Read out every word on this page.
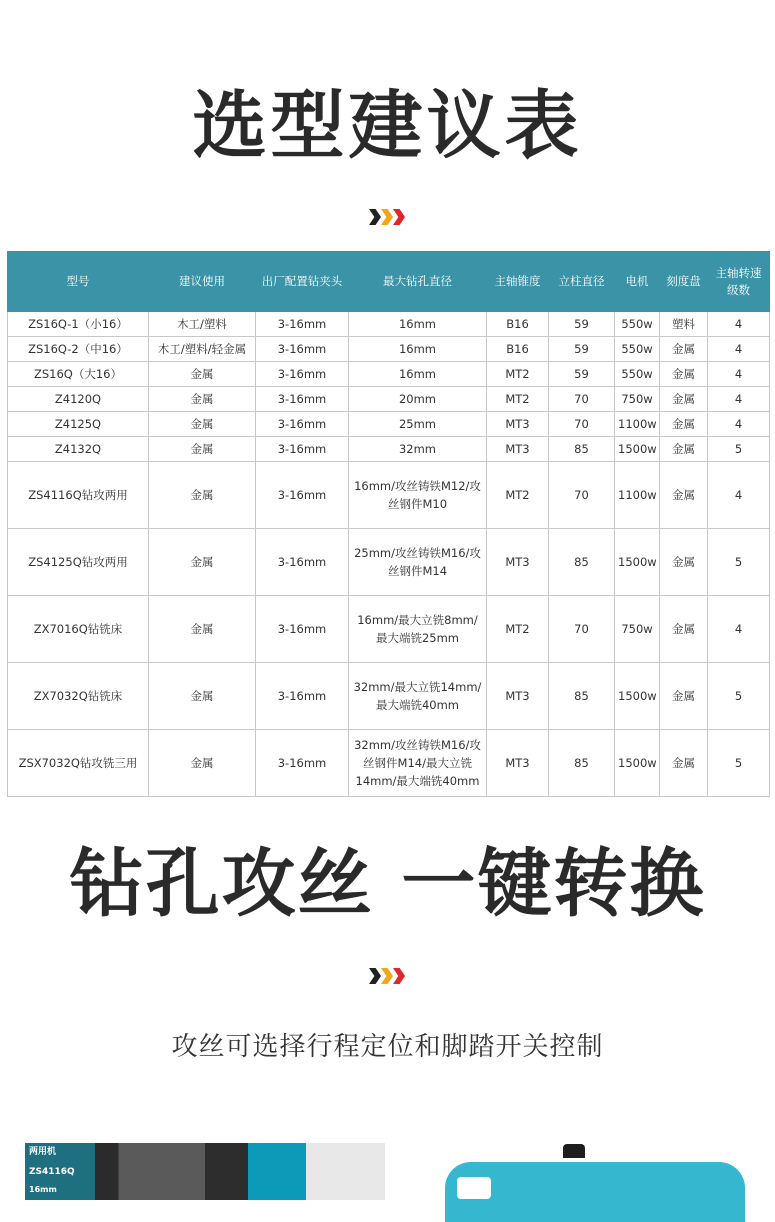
选型建议表
型号	建议使用	出厂配置钻夹头	最大钻孔直径	主轴锥度	立柱直径	电机	刻度盘	主轴转速级数
ZS16Q-1（小16）	木工/塑料	3-16mm	16mm	B16	59	550w	塑料	4
ZS16Q-2（中16）	木工/塑料/轻金属	3-16mm	16mm	B16	59	550w	金属	4
ZS16Q（大16）	金属	3-16mm	16mm	MT2	59	550w	金属	4
Z4120Q	金属	3-16mm	20mm	MT2	70	750w	金属	4
Z4125Q	金属	3-16mm	25mm	MT3	70	1100w	金属	4
Z4132Q	金属	3-16mm	32mm	MT3	85	1500w	金属	5
ZS4116Q钻攻两用	金属	3-16mm	16mm/攻丝铸铁M12/攻丝钢件M10	MT2	70	1100w	金属	4
ZS4125Q钻攻两用	金属	3-16mm	25mm/攻丝铸铁M16/攻丝钢件M14	MT3	85	1500w	金属	5
ZX7016Q钻铣床	金属	3-16mm	16mm/最大立铣8mm/最大端铣25mm	MT2	70	750w	金属	4
ZX7032Q钻铣床	金属	3-16mm	32mm/最大立铣14mm/最大端铣40mm	MT3	85	1500w	金属	5
ZSX7032Q钻攻铣三用	金属	3-16mm	32mm/攻丝铸铁M16/攻丝钢件M14/最大立铣14mm/最大端铣40mm	MT3	85	1500w	金属	5
钻孔攻丝 一键转换
攻丝可选择行程定位和脚踏开关控制
两用机
ZS4116Q
16mm
